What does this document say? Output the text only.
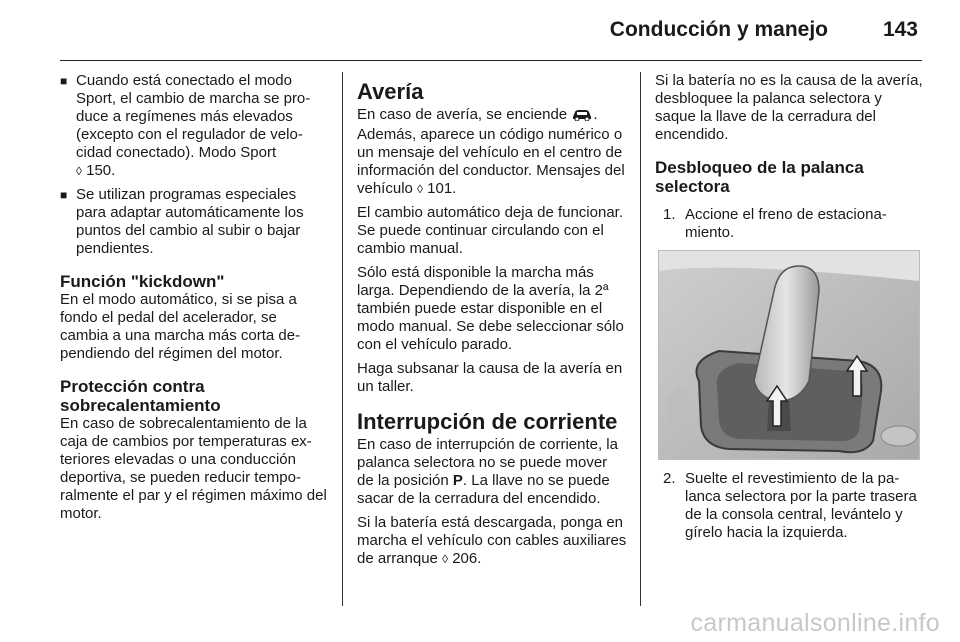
Conducción y manejo	143
■ Cuando está conectado el modo Sport, el cambio de marcha se produce a regímenes más elevados (excepto con el regulador de velocidad conectado). Modo Sport
◊ 150.
■ Se utilizan programas especiales para adaptar automáticamente los puntos del cambio al subir o bajar pendientes.
Función "kickdown"
En el modo automático, si se pisa a fondo el pedal del acelerador, se cambia a una marcha más corta dependiendo del régimen del motor.
Protección contra sobrecalentamiento
En caso de sobrecalentamiento de la caja de cambios por temperaturas exteriores elevadas o una conducción deportiva, se pueden reducir temporalmente el par y el régimen máximo del motor.
Avería
En caso de avería, se enciende . Además, aparece un código numérico o un mensaje del vehículo en el centro de información del conductor. Mensajes del vehículo ◊ 101.
El cambio automático deja de funcionar. Se puede continuar circulando con el cambio manual.
Sólo está disponible la marcha más larga. Dependiendo de la avería, la 2ª también puede estar disponible en el modo manual. Se debe seleccionar sólo con el vehículo parado.
Haga subsanar la causa de la avería en un taller.
Interrupción de corriente
En caso de interrupción de corriente, la palanca selectora no se puede mover de la posición P. La llave no se puede sacar de la cerradura del encendido.
Si la batería está descargada, ponga en marcha el vehículo con cables auxiliares de arranque ◊ 206.
Si la batería no es la causa de la avería, desbloquee la palanca selectora y saque la llave de la cerradura del encendido.
Desbloqueo de la palanca selectora
1. Accione el freno de estacionamiento.
2. Suelte el revestimiento de la palanca selectora por la parte trasera de la consola central, levántelo y gírelo hacia la izquierda.
carmanualsonline.info
